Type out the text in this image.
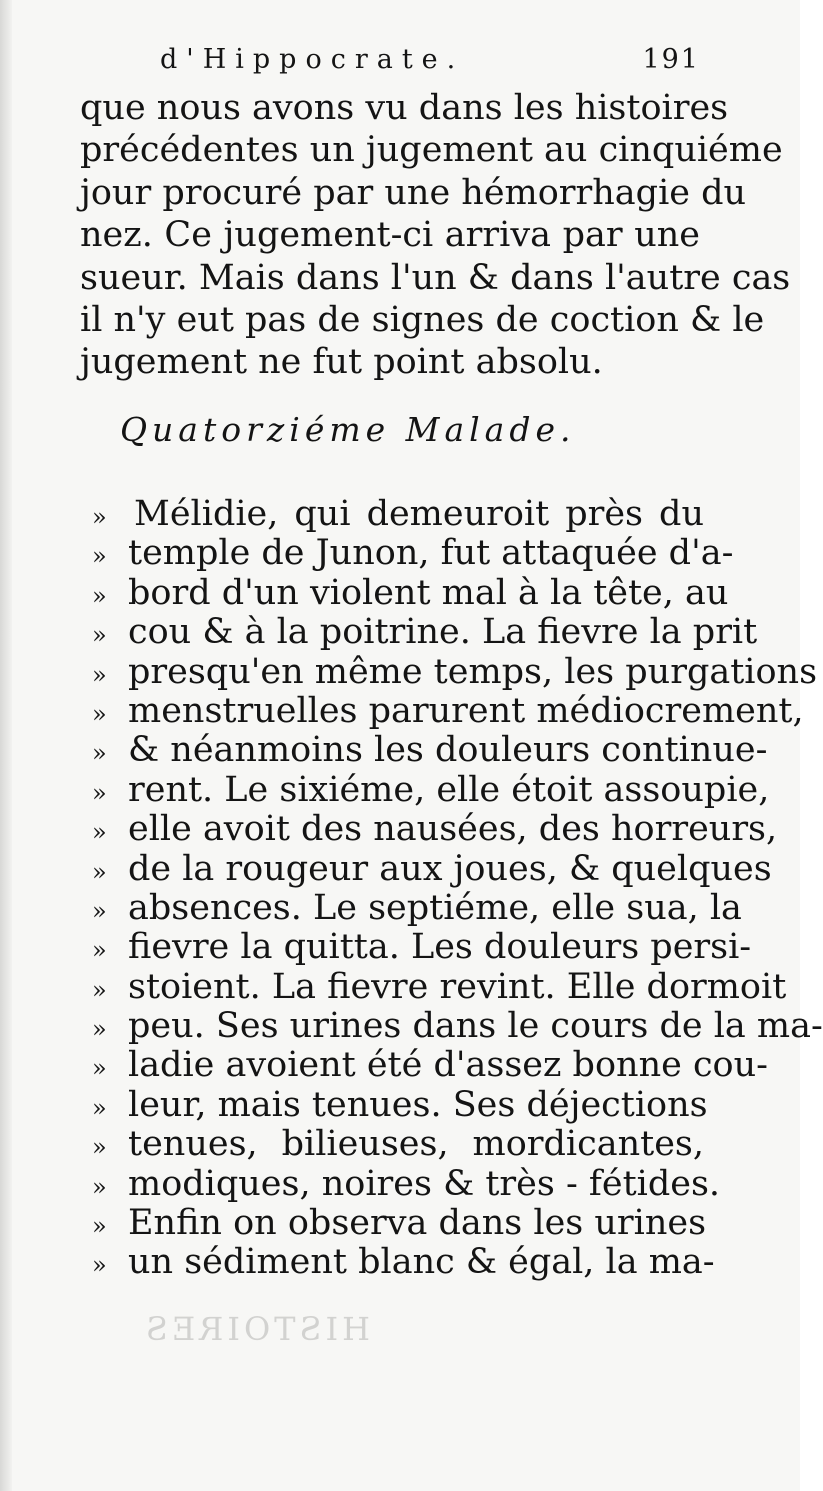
d'Hippocrate.	191
que nous avons vu dans les histoires
précédentes un jugement au cinquiéme
jour procuré par une hémorrhagie du
nez. Ce jugement-ci arriva par une
sueur. Mais dans l'un & dans l'autre cas
il n'y eut pas de signes de coction & le
jugement ne fut point absolu.
Quatorziéme Malade.
» Mélidie, qui demeuroit près du
» temple de Junon, fut attaquée d'a-
» bord d'un violent mal à la tête, au
» cou & à la poitrine. La fievre la prit
» presqu'en même temps, les purgations
» menstruelles parurent médiocrement,
» & néanmoins les douleurs continue-
» rent. Le sixiéme, elle étoit assoupie,
» elle avoit des nausées, des horreurs,
» de la rougeur aux joues, & quelques
» absences. Le septiéme, elle sua, la
» fievre la quitta. Les douleurs persi-
» stoient. La fievre revint. Elle dormoit
» peu. Ses urines dans le cours de la ma-
» ladie avoient été d'assez bonne cou-
» leur, mais tenues. Ses déjections
» tenues, bilieuses, mordicantes,
» modiques, noires & très - fétides.
» Enfin on observa dans les urines
» un sédiment blanc & égal, la ma-
HISTOIRES
